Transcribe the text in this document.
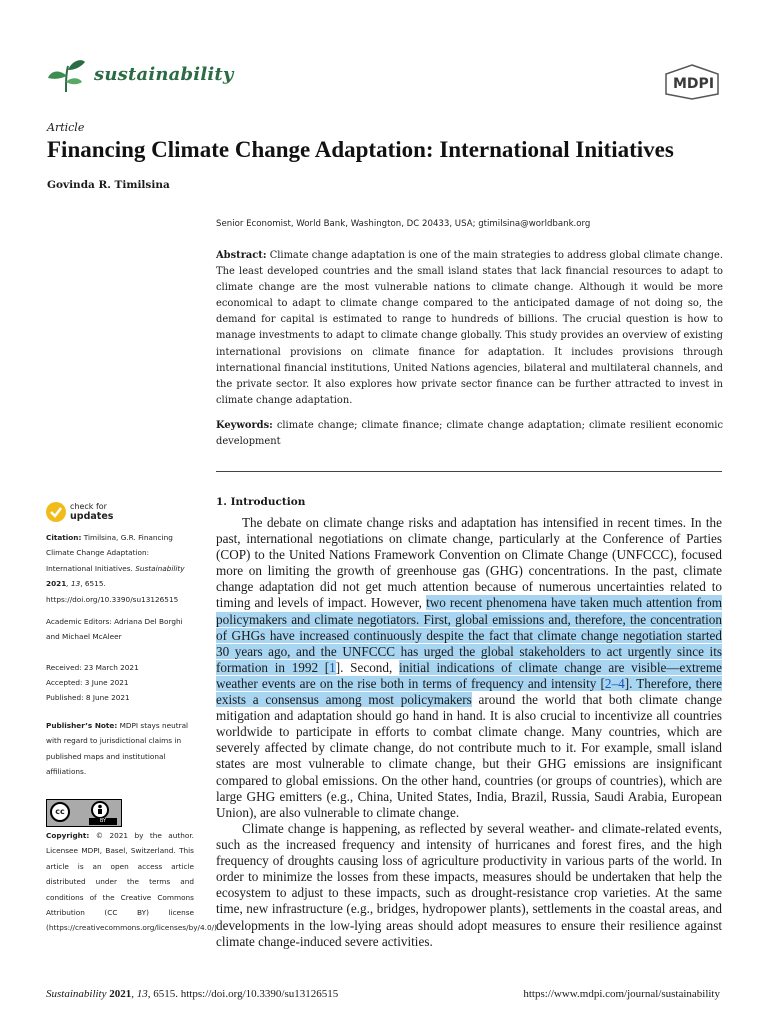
sustainability	MDPI
Article
Financing Climate Change Adaptation: International Initiatives
Govinda R. Timilsina
Senior Economist, World Bank, Washington, DC 20433, USA; gtimilsina@worldbank.org
Abstract: Climate change adaptation is one of the main strategies to address global climate change. The least developed countries and the small island states that lack financial resources to adapt to climate change are the most vulnerable nations to climate change. Although it would be more economical to adapt to climate change compared to the anticipated damage of not doing so, the demand for capital is estimated to range to hundreds of billions. The crucial question is how to manage investments to adapt to climate change globally. This study provides an overview of existing international provisions on climate finance for adaptation. It includes provisions through international financial institutions, United Nations agencies, bilateral and multilateral channels, and the private sector. It also explores how private sector finance can be further attracted to invest in climate change adaptation.
Keywords: climate change; climate finance; climate change adaptation; climate resilient economic development
check for
updates
Citation: Timilsina, G.R. Financing Climate Change Adaptation: International Initiatives. Sustainability 2021, 13, 6515. https://doi.org/10.3390/su13126515
Academic Editors: Adriana Del Borghi and Michael McAleer
Received: 23 March 2021
Accepted: 3 June 2021
Published: 8 June 2021
Publisher’s Note: MDPI stays neutral with regard to jurisdictional claims in published maps and institutional affiliations.
cc
BY
Copyright: © 2021 by the author. Licensee MDPI, Basel, Switzerland. This article is an open access article distributed under the terms and conditions of the Creative Commons Attribution (CC BY) license (https://creativecommons.org/licenses/by/4.0/).
1. Introduction
The debate on climate change risks and adaptation has intensified in recent times. In the past, international negotiations on climate change, particularly at the Conference of Parties (COP) to the United Nations Framework Convention on Climate Change (UNFCCC), focused more on limiting the growth of greenhouse gas (GHG) concentrations. In the past, climate change adaptation did not get much attention because of numerous uncertainties related to timing and levels of impact. However, two recent phenomena have taken much attention from policymakers and climate negotiators. First, global emissions and, therefore, the concentration of GHGs have increased continuously despite the fact that climate change negotiation started 30 years ago, and the UNFCCC has urged the global stakeholders to act urgently since its formation in 1992 [1]. Second, initial indications of climate change are visible—extreme weather events are on the rise both in terms of frequency and intensity [2–4]. Therefore, there exists a consensus among most policymakers around the world that both climate change mitigation and adaptation should go hand in hand. It is also crucial to incentivize all countries worldwide to participate in efforts to combat climate change. Many countries, which are severely affected by climate change, do not contribute much to it. For example, small island states are most vulnerable to climate change, but their GHG emissions are insignificant compared to global emissions. On the other hand, countries (or groups of countries), which are large GHG emitters (e.g., China, United States, India, Brazil, Russia, Saudi Arabia, European Union), are also vulnerable to climate change.
Climate change is happening, as reflected by several weather- and climate-related events, such as the increased frequency and intensity of hurricanes and forest fires, and the high frequency of droughts causing loss of agriculture productivity in various parts of the world. In order to minimize the losses from these impacts, measures should be undertaken that help the ecosystem to adjust to these impacts, such as drought-resistance crop varieties. At the same time, new infrastructure (e.g., bridges, hydropower plants), settlements in the coastal areas, and developments in the low-lying areas should adopt measures to ensure their resilience against climate change-induced severe activities.
Sustainability 2021, 13, 6515. https://doi.org/10.3390/su13126515	https://www.mdpi.com/journal/sustainability
